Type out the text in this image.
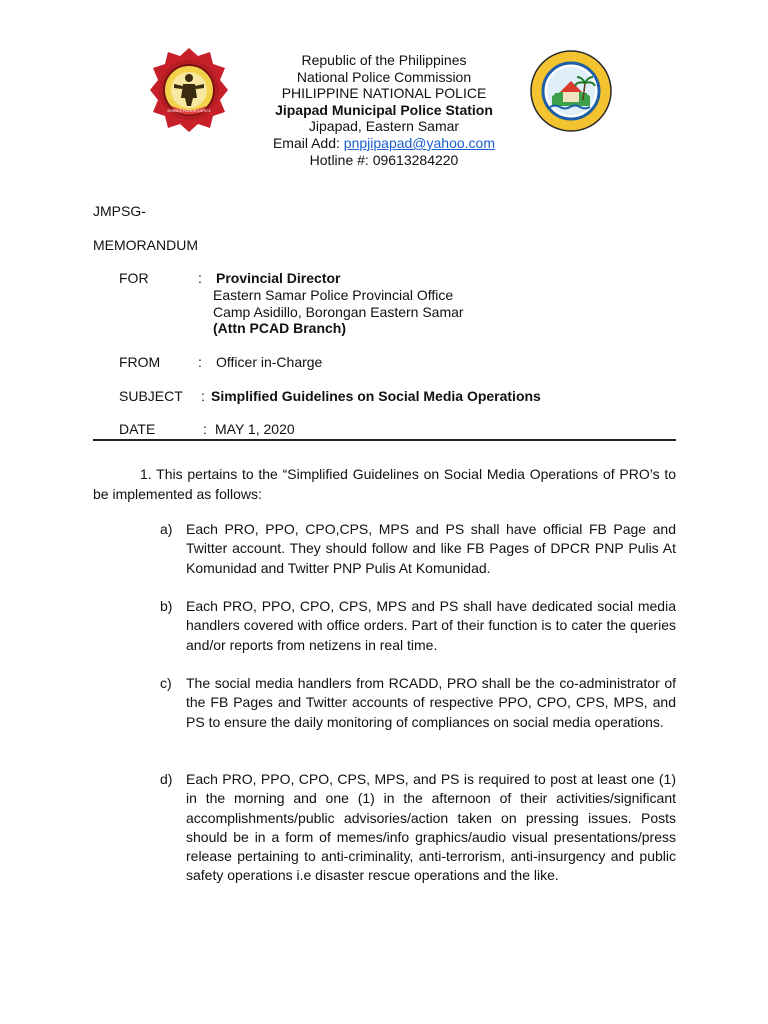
SERVICE HONOR JUSTICE
Republic of the Philippines
National Police Commission
PHILIPPINE NATIONAL POLICE
Jipapad Municipal Police Station
Jipapad, Eastern Samar
Email Add: pnpjipapad@yahoo.com
Hotline #: 09613284220
JMPSG-
MEMORANDUM
FOR	: Provincial Director
Eastern Samar Police Provincial Office
Camp Asidillo, Borongan Eastern Samar
(Attn PCAD Branch)
FROM	: Officer in-Charge
SUBJECT : Simplified Guidelines on Social Media Operations
DATE	: MAY 1, 2020
1. This pertains to the “Simplified Guidelines on Social Media Operations of PRO’s to be implemented as follows:
a) Each PRO, PPO, CPO,CPS, MPS and PS shall have official FB Page and Twitter account. They should follow and like FB Pages of DPCR PNP Pulis At Komunidad and Twitter PNP Pulis At Komunidad.
b) Each PRO, PPO, CPO, CPS, MPS and PS shall have dedicated social media handlers covered with office orders. Part of their function is to cater the queries and/or reports from netizens in real time.
c) The social media handlers from RCADD, PRO shall be the co-administrator of the FB Pages and Twitter accounts of respective PPO, CPO, CPS, MPS, and PS to ensure the daily monitoring of compliances on social media operations.
d) Each PRO, PPO, CPO, CPS, MPS, and PS is required to post at least one (1) in the morning and one (1) in the afternoon of their activities/significant accomplishments/public advisories/action taken on pressing issues. Posts should be in a form of memes/info graphics/audio visual presentations/press release pertaining to anti-criminality, anti-terrorism, anti-insurgency and public safety operations i.e disaster rescue operations and the like.
